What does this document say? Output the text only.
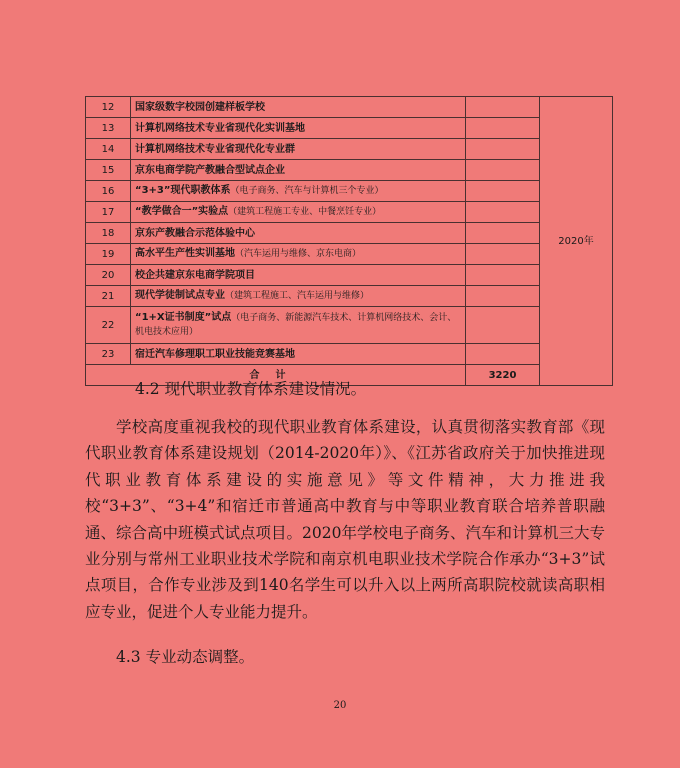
12	国家级数字校园创建样板学校		2020年
13	计算机网络技术专业省现代化实训基地		
14	计算机网络技术专业省现代化专业群		
15	京东电商学院产教融合型试点企业		
16	“3+3”现代职教体系（电子商务、汽车与计算机三个专业）		
17	“教学做合一”实验点（建筑工程施工专业、中餐烹饪专业）		
18	京东产教融合示范体验中心		
19	高水平生产性实训基地（汽车运用与维修、京东电商）		
20	校企共建京东电商学院项目		
21	现代学徒制试点专业（建筑工程施工、汽车运用与维修）		
22	“1+X证书制度”试点（电子商务、新能源汽车技术、计算机网络技术、会计、机电技术应用）		
23	宿迁汽车修理职工职业技能竞赛基地		
合计		3220	
4.2 现代职业教育体系建设情况。

学校高度重视我校的现代职业教育体系建设，认真贯彻落实教育部《现代职业教育体系建设规划（2014-2020年）》、《江苏省政府关于加快推进现代职业教育体系建设的实施意见》等文件精神，大力推进我校“3+3”、“3+4”和宿迁市普通高中教育与中等职业教育联合培养普职融通、综合高中班模式试点项目。2020年学校电子商务、汽车和计算机三大专业分别与常州工业职业技术学院和南京机电职业技术学院合作承办“3+3”试点项目，合作专业涉及到140名学生可以升入以上两所高职院校就读高职相应专业，促进个人专业能力提升。

4.3 专业动态调整。
20
